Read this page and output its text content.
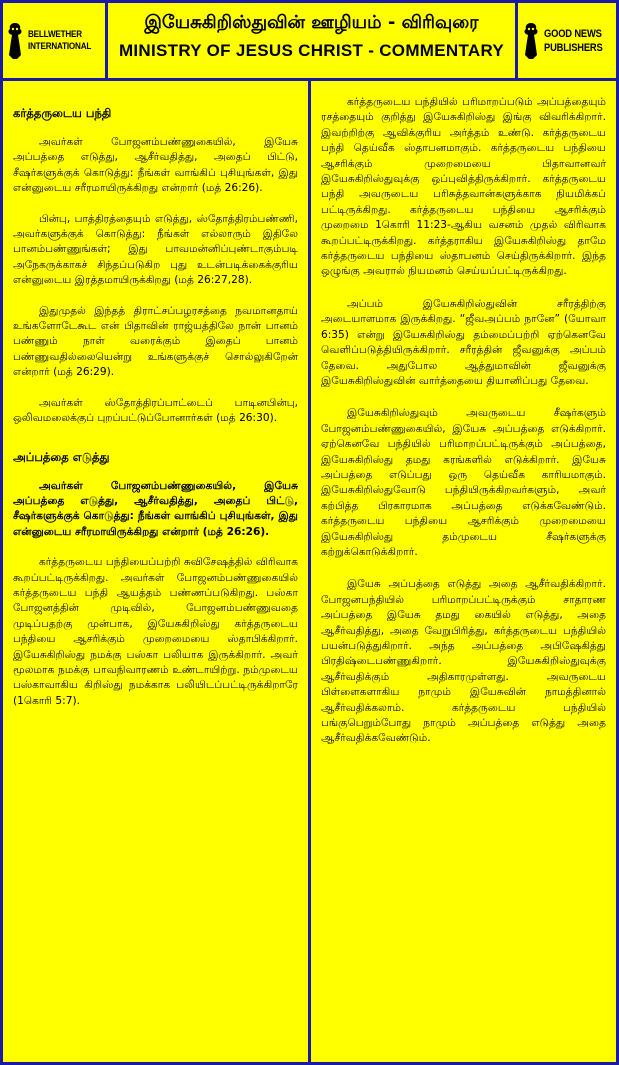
BELLWETHER
INTERNATIONAL
இயேசுகிறிஸ்துவின் ஊழியம் - விரிவுரை
MINISTRY OF JESUS CHRIST - COMMENTARY
GOOD NEWS
PUBLISHERS
கர்த்தருடைய பந்தி

அவர்கள் போஜனம்பண்ணுகையில், இயேசு அப்பத்தை எடுத்து, ஆசீர்வதித்து, அதைப் பிட்டு, சீஷர்களுக்குக் கொடுத்து: நீங்கள் வாங்கிப் புசியுங்கள், இது என்னுடைய சரீரமாயிருக்கிறது என்றார் (மத் 26:26).

பின்பு, பாத்திரத்தையும் எடுத்து, ஸ்தோத்திரம்பண்ணி, அவர்களுக்குக் கொடுத்து: நீங்கள் எல்லாரும் இதிலே பானம்பண்ணுங்கள்; இது பாவமன்னிப்புண்டாகும்படி அநேகருக்காகச் சிந்தப்படுகிற புது உடன்படிக்கைக்குரிய என்னுடைய இரத்தமாயிருக்கிறது (மத் 26:27,28).

இதுமுதல் இந்தத் திராட்சப்பழரசத்தை நவமானதாய் உங்களோடேகூட என் பிதாவின் ராஜ்யத்திலே நான் பானம் பண்ணும் நாள் வரைக்கும் இதைப் பானம் பண்ணுவதில்லையென்று உங்களுக்குச் சொல்லுகிறேன் என்றார் (மத் 26:29).

அவர்கள் ஸ்தோத்திரப்பாட்டைப் பாடினபின்பு, ஒலிவமலைக்குப் புறப்பட்டுப்போனார்கள் (மத் 26:30).

அப்பத்தை எடுத்து

அவர்கள் போஜனம்பண்ணுகையில், இயேசு அப்பத்தை எடுத்து, ஆசீர்வதித்து, அதைப் பிட்டு, சீஷர்களுக்குக் கொடுத்து: நீங்கள் வாங்கிப் புசியுங்கள், இது என்னுடைய சரீரமாயிருக்கிறது என்றார் (மத் 26:26).

கர்த்தருடைய பந்தியைப்பற்றி சுவிசேஷத்தில் விரிவாக கூறப்பட்டிருக்கிறது. அவர்கள் போஜனம்பண்ணுகையில் கர்த்தருடைய பந்தி ஆயத்தம் பண்ணப்படுகிறது. பஸ்கா போஜனத்தின் முடிவில், போஜனம்பண்ணுவதை முடிப்பதற்கு முன்பாக, இயேசுகிறிஸ்து கர்த்தருடைய பந்தியை ஆசரிக்கும் முறைமையை ஸ்தாபிக்கிறார். இயேசுகிறிஸ்து நமக்கு பஸ்கா பலியாக இருக்கிறார். அவர் மூலமாக நமக்கு பாவநிவாரணம் உண்டாயிற்று. நம்முடைய பஸ்காவாகிய கிறிஸ்து நமக்காக பலியிடப்பட்டிருக்கிறாரே (1கொரி 5:7).

கர்த்தருடைய பந்தியில் பரிமாறப்படும் அப்பத்தையும் ரசத்தையும் குறித்து இயேசுகிறிஸ்து இங்கு விவரிக்கிறார். இவற்றிற்கு ஆவிக்குரிய அர்த்தம் உண்டு. கர்த்தருடைய பந்தி தெய்வீக ஸ்தாபனமாகும். கர்த்தருடைய பந்தியை ஆசரிக்கும் முறைமையை பிதாவானவர் இயேசுகிறிஸ்துவுக்கு ஒப்புவித்திருக்கிறார். கர்த்தருடைய பந்தி அவருடைய பரிசுத்தவான்களுக்காக நியமிக்கப் பட்டிருக்கிறது. கர்த்தருடைய பந்தியை ஆசரிக்கும் முறைமை 1கொரி 11:23-ஆகிய வசனம் முதல் விரிவாக கூறப்பட்டிருக்கிறது. கர்த்தராகிய இயேசுகிறிஸ்து தாமே கர்த்தருடைய பந்தியை ஸ்தாபனம் செய்திருக்கிறார். இந்த ஒழுங்கு அவரால் நியமனம் செய்யப்பட்டிருக்கிறது.

அப்பம் இயேசுகிறிஸ்துவின் சரீரத்திற்கு அடையாளமாக இருக்கிறது. “ஜீவஅப்பம் நானே” (யோவா 6:35) என்று இயேசுகிறிஸ்து தம்மைப்பற்றி ஏற்கெனவே வெளிப்படுத்தியிருக்கிறார். சரீரத்தின் ஜீவனுக்கு அப்பம் தேவை. அதுபோல ஆத்துமாவின் ஜீவனுக்கு இயேசுகிறிஸ்துவின் வார்த்தையை தியானிப்பது தேவை.

இயேசுகிறிஸ்துவும் அவருடைய சீஷர்களும் போஜனம்பண்ணுகையில், இயேசு அப்பத்தை எடுக்கிறார். ஏற்கெனவே பந்தியில் பரிமாறப்பட்டிருக்கும் அப்பத்தை, இயேசுகிறிஸ்து தமது கரங்களில் எடுக்கிறார். இயேசு அப்பத்தை எடுப்பது ஒரு தெய்வீக காரியமாகும். இயேசுகிறிஸ்துவோடு பந்தியிருக்கிறவர்களும், அவர் கற்பித்த பிரகாரமாக அப்பத்தை எடுக்கவேண்டும். கர்த்தருடைய பந்தியை ஆசரிக்கும் முறைமையை இயேசுகிறிஸ்து தம்முடைய சீஷர்களுக்கு கற்றுக்கொடுக்கிறார்.

இயேசு அப்பத்தை எடுத்து அதை ஆசீர்வதிக்கிறார். போஜனபந்தியில் பரிமாறப்பட்டிருக்கும் சாதாரண அப்பத்தை இயேசு தமது கையில் எடுத்து, அதை ஆசீர்வதித்து, அதை வேறுபிரித்து, கர்த்தருடைய பந்தியில் பயன்படுத்துகிறார். அந்த அப்பத்தை அபிஷேகித்து பிரதிஷ்டைபண்ணுகிறார். இயேசுகிறிஸ்துவுக்கு ஆசீர்வதிக்கும் அதிகாரமுள்ளது. அவருடைய பிள்ளைகளாகிய நாமும் இயேசுவின் நாமத்தினால் ஆசீர்வதிக்கலாம். கர்த்தருடைய பந்தியில் பங்குபெறும்போது நாமும் அப்பத்தை எடுத்து அதை ஆசீர்வதிக்கவேண்டும்.
